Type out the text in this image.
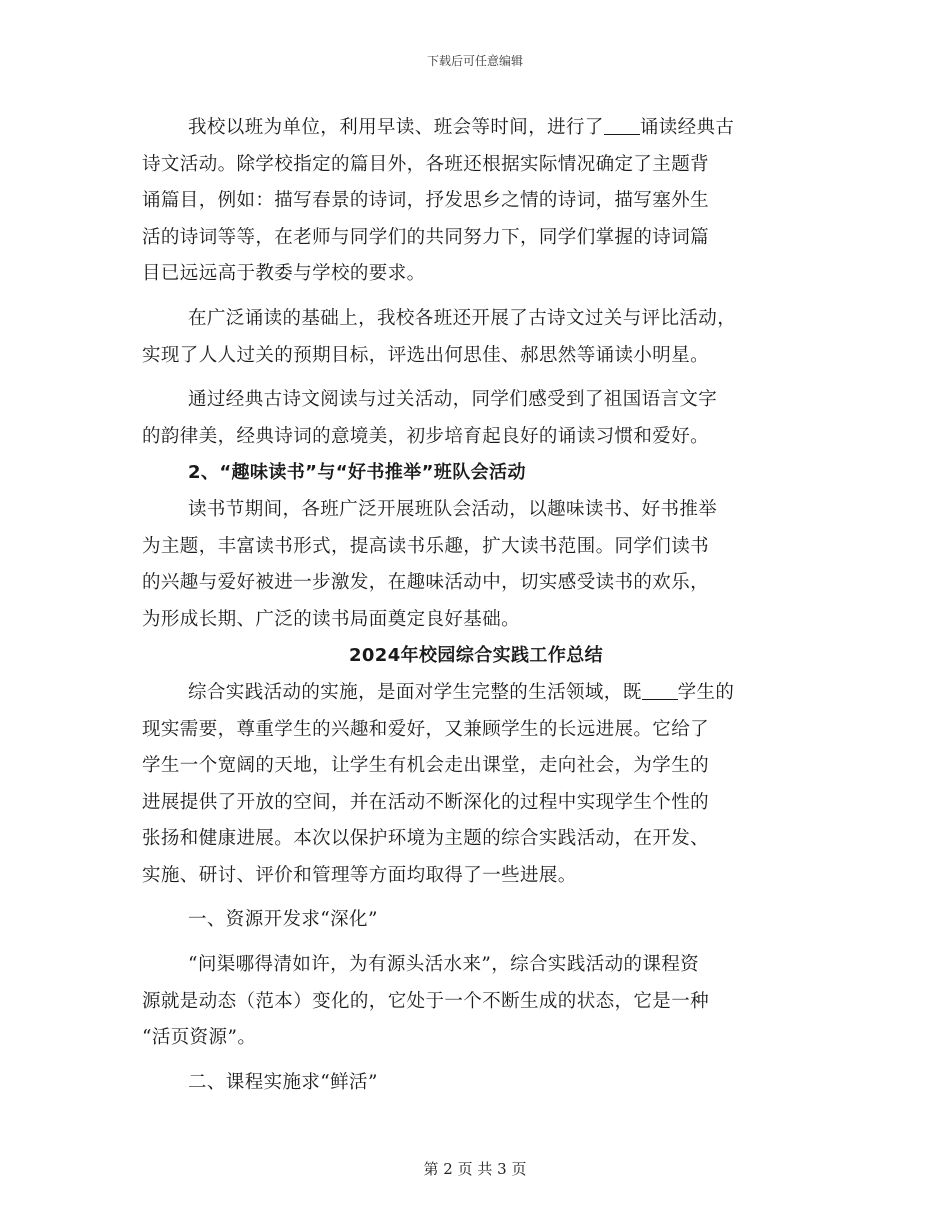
下载后可任意编辑
我校以班为单位，利用早读、班会等时间，进行了 诵读经典古
诗文活动。除学校指定的篇目外，各班还根据实际情况确定了主题背
诵篇目，例如：描写春景的诗词，抒发思乡之情的诗词，描写塞外生
活的诗词等等，在老师与同学们的共同努力下，同学们掌握的诗词篇
目已远远高于教委与学校的要求。
在广泛诵读的基础上，我校各班还开展了古诗文过关与评比活动，
实现了人人过关的预期目标，评选出何思佳、郝思然等诵读小明星。
通过经典古诗文阅读与过关活动，同学们感受到了祖国语言文字
的韵律美，经典诗词的意境美，初步培育起良好的诵读习惯和爱好。
2、“趣味读书”与“好书推举”班队会活动
读书节期间，各班广泛开展班队会活动，以趣味读书、好书推举
为主题，丰富读书形式，提高读书乐趣，扩大读书范围。同学们读书
的兴趣与爱好被进一步激发，在趣味活动中，切实感受读书的欢乐，
为形成长期、广泛的读书局面奠定良好基础。
2024年校园综合实践工作总结
综合实践活动的实施，是面对学生完整的生活领域，既 学生的
现实需要，尊重学生的兴趣和爱好，又兼顾学生的长远进展。它给了
学生一个宽阔的天地，让学生有机会走出课堂，走向社会，为学生的
进展提供了开放的空间，并在活动不断深化的过程中实现学生个性的
张扬和健康进展。本次以保护环境为主题的综合实践活动，在开发、
实施、研讨、评价和管理等方面均取得了一些进展。
一、资源开发求“深化”
“问渠哪得清如许，为有源头活水来”，综合实践活动的课程资
源就是动态（范本）变化的，它处于一个不断生成的状态，它是一种
“活页资源”。
二、课程实施求“鲜活”
第 2 页 共 3 页
